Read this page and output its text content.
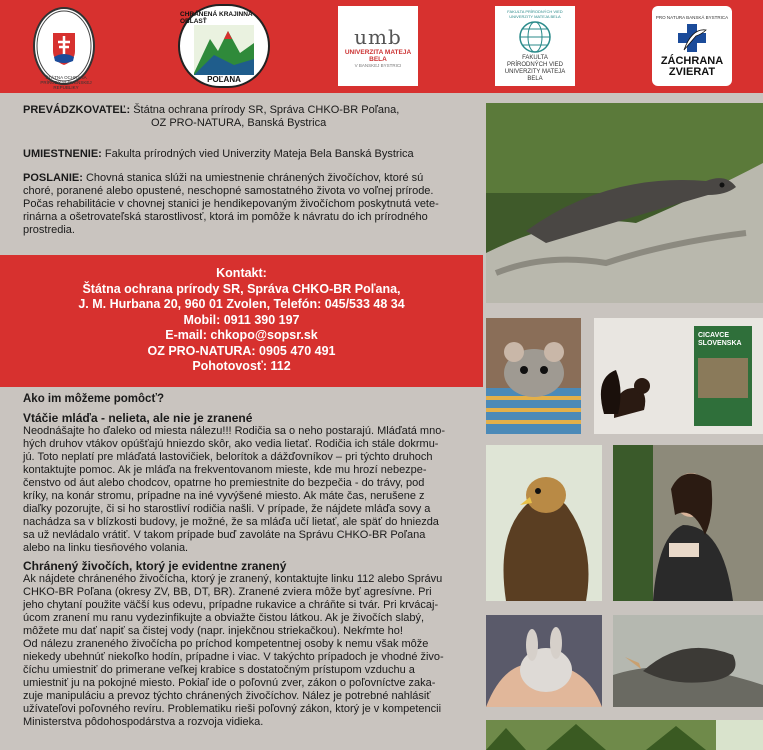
ŠTÁTNA OCHRANA PRÍRODY SLOVENSKEJ REPUBLIKY
CHRÁNENÁ KRAJINNÁ OBLASŤ
POĽANA
umb
UNIVERZITA MATEJA BELA
V BANSKEJ BYSTRICI
FAKULTA PRÍRODNÝCH VIED UNIVERZITY MATEJA BELA
FAKULTA PRÍRODNÝCH VIED UNIVERZITY MATEJA BELA
PRO NATURA BANSKÁ BYSTRICA
ZÁCHRANA
ZVIERAT
PREVÁDZKOVATEĽ: Štátna ochrana prírody SR, Správa CHKO-BR Poľana,
OZ PRO-NATURA, Banská Bystrica
UMIESTNENIE: Fakulta prírodných vied Univerzity Mateja Bela Banská Bystrica
POSLANIE: Chovná stanica slúži na umiestnenie chránených živočíchov, ktoré sú
choré, poranené alebo opustené, neschopné samostatného života vo voľnej prírode.
Počas rehabilitácie v chovnej stanici je hendikepovaným živočíchom poskytnutá vete-
rinárna a ošetrovateľská starostlivosť, ktorá im pomôže k návratu do ich prírodného
prostredia.
Kontakt:
Štátna ochrana prírody SR, Správa CHKO-BR Poľana,
J. M. Hurbana 20, 960 01 Zvolen, Telefón: 045/533 48 34
Mobil: 0911 390 197
E-mail: chkopo@sopsr.sk
OZ PRO-NATURA: 0905 470 491
Pohotovosť: 112
Ako im môžeme pomôcť?
Vtáčie mláďa - nelieta, ale nie je zranené
Neodnášajte ho ďaleko od miesta nálezu!!! Rodičia sa o neho postarajú. Mláďatá mno-
hých druhov vtákov opúšťajú hniezdo skôr, ako vedia lietať. Rodičia ich stále dokrmu-
jú. Toto neplatí pre mláďatá lastovičiek, belorítok a dážďovníkov – pri týchto druhoch
kontaktujte pomoc. Ak je mláďa na frekventovanom mieste, kde mu hrozí nebezpe-
čenstvo od áut alebo chodcov, opatrne ho premiestnite do bezpečia - do trávy, pod
kríky, na konár stromu, prípadne na iné vyvýšené miesto. Ak máte čas, nerušene z
diaľky pozorujte, či si ho starostliví rodičia našli. V prípade, že nájdete mláďa sovy a
nachádza sa v blízkosti budovy, je možné, že sa mláďa učí lietať, ale späť do hniezda
sa už nevládalo vrátiť. V takom prípade buď zavoláte na Správu CHKO-BR Poľana
alebo na linku tiesňového volania.
Chránený živočích, ktorý je evidentne zranený
Ak nájdete chráneného živočícha, ktorý je zranený, kontaktujte linku 112 alebo Správu
CHKO-BR Poľana (okresy ZV, BB, DT, BR). Zranené zviera môže byť agresívne. Pri
jeho chytaní použite väčší kus odevu, prípadne rukavice a chráňte si tvár. Pri krvácaj-
úcom zranení mu ranu vydezinfikujte a obviažte čistou látkou. Ak je živočích slabý,
môžete mu dať napiť sa čistej vody (napr. injekčnou striekačkou). Nekŕmte ho!
Od nálezu zraneného živočícha po príchod kompetentnej osoby k nemu však môže
niekedy ubehnúť niekoľko hodín, prípadne i viac. V takýchto prípadoch je vhodné živo-
číchu umiestniť do primerane veľkej krabice s dostatočným prístupom vzduchu a
umiestniť ju na pokojné miesto. Pokiaľ ide o poľovnú zver, zákon o poľovníctve zaka-
zuje manipuláciu a prevoz týchto chránených živočíchov. Nález je potrebné nahlásiť
užívateľovi poľovného revíru. Problematiku rieši poľovný zákon, ktorý je v kompetencii
Ministerstva pôdohospodárstva a rozvoja vidieka.
CICAVCE SLOVENSKA
